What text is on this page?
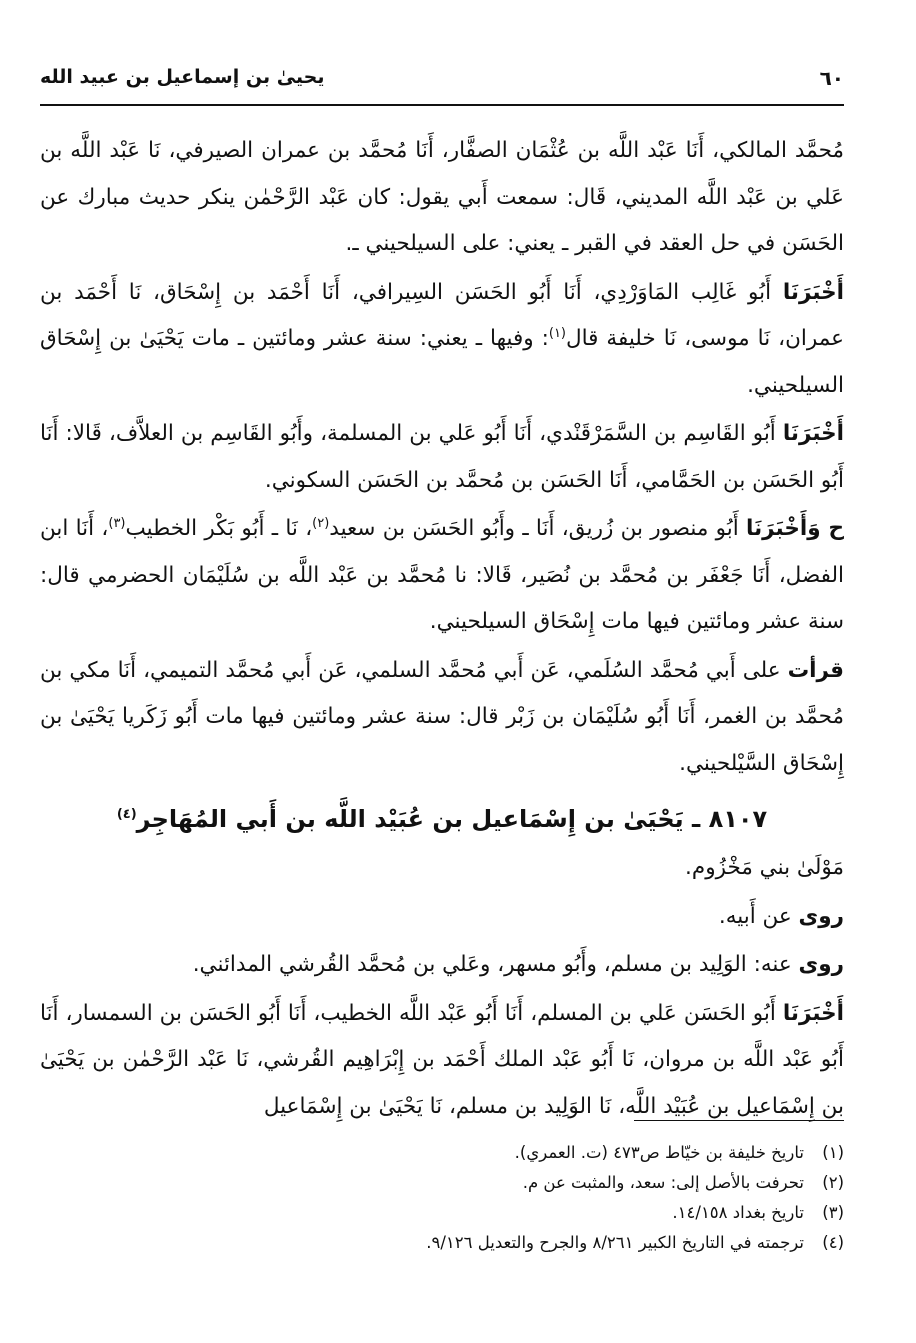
٦٠
يحيىٰ بن إسماعيل بن عبيد الله

مُحمَّد المالكي، أَنَا عَبْد اللَّه بن عُثْمَان الصفَّار، أَنَا مُحمَّد بن عمران الصيرفي، نَا عَبْد اللَّه بن عَلي بن عَبْد اللَّه المديني، قَال: سمعت أَبي يقول: كان عَبْد الرَّحْمٰن ينكر حديث مبارك عن الحَسَن في حل العقد في القبر ـ يعني: على السيلحيني ـ.

أَخْبَرَنَا أَبُو غَالِب المَاوَرْدِي، أَنَا أَبُو الحَسَن السِيرافي، أَنَا أَحْمَد بن إِسْحَاق، نَا أَحْمَد بن عمران، نَا موسى، نَا خليفة قال$^{(١)}$: وفيها ـ يعني: سنة عشر ومائتين ـ مات يَحْيَىٰ بن إِسْحَاق السيلحيني.

أَخْبَرَنَا أَبُو القَاسِم بن السَّمَرْقَنْدي، أَنَا أَبُو عَلي بن المسلمة، وأَبُو القَاسِم بن العلاَّف، قَالا: أَنَا أَبُو الحَسَن بن الحَمَّامي، أَنَا الحَسَن بن مُحمَّد بن الحَسَن السكوني.

ح وَأَخْبَرَنَا أَبُو منصور بن زُريق، أَنَا ـ وأَبُو الحَسَن بن سعيد$^{(٢)}$، نَا ـ أَبُو بَكْر الخطيب$^{(٣)}$، أَنَا ابن الفضل، أَنَا جَعْفَر بن مُحمَّد بن نُصَير، قَالا: نا مُحمَّد بن عَبْد اللَّه بن سُلَيْمَان الحضرمي قال: سنة عشر ومائتين فيها مات إِسْحَاق السيلحيني.

قرأت على أَبي مُحمَّد السُلَمي، عَن أَبي مُحمَّد السلمي، عَن أَبي مُحمَّد التميمي، أَنَا مكي بن مُحمَّد بن الغمر، أَنَا أَبُو سُلَيْمَان بن زَبْر قال: سنة عشر ومائتين فيها مات أَبُو زَكَريا يَحْيَىٰ بن إِسْحَاق السَّيْلحيني.

٨١٠٧ ـ يَحْيَىٰ بن إِسْمَاعيل بن عُبَيْد اللَّه بن أَبي المُهَاجِر$^{(٤)}$

مَوْلَىٰ بني مَخْزُوم.

روى عن أَبيه.

روى عنه: الوَلِيد بن مسلم، وأَبُو مسهر، وعَلي بن مُحمَّد القُرشي المدائني.

أَخْبَرَنَا أَبُو الحَسَن عَلي بن المسلم، أَنَا أَبُو عَبْد اللَّه الخطيب، أَنَا أَبُو الحَسَن بن السمسار، أَنَا أَبُو عَبْد اللَّه بن مروان، نَا أَبُو عَبْد الملك أَحْمَد بن إِبْرَاهِيم القُرشي، نَا عَبْد الرَّحْمٰن بن يَحْيَىٰ بن إِسْمَاعيل بن عُبَيْد اللَّه، نَا الوَلِيد بن مسلم، نَا يَحْيَىٰ بن إِسْمَاعيل

(١)تاريخ خليفة بن خيّاط ص٤٧٣ (ت. العمري).
(٢)تحرفت بالأصل إلى: سعد، والمثبت عن م.
(٣)تاريخ بغداد ١٤/١٥٨.
(٤)ترجمته في التاريخ الكبير ٨/٢٦١ والجرح والتعديل ٩/١٢٦.
